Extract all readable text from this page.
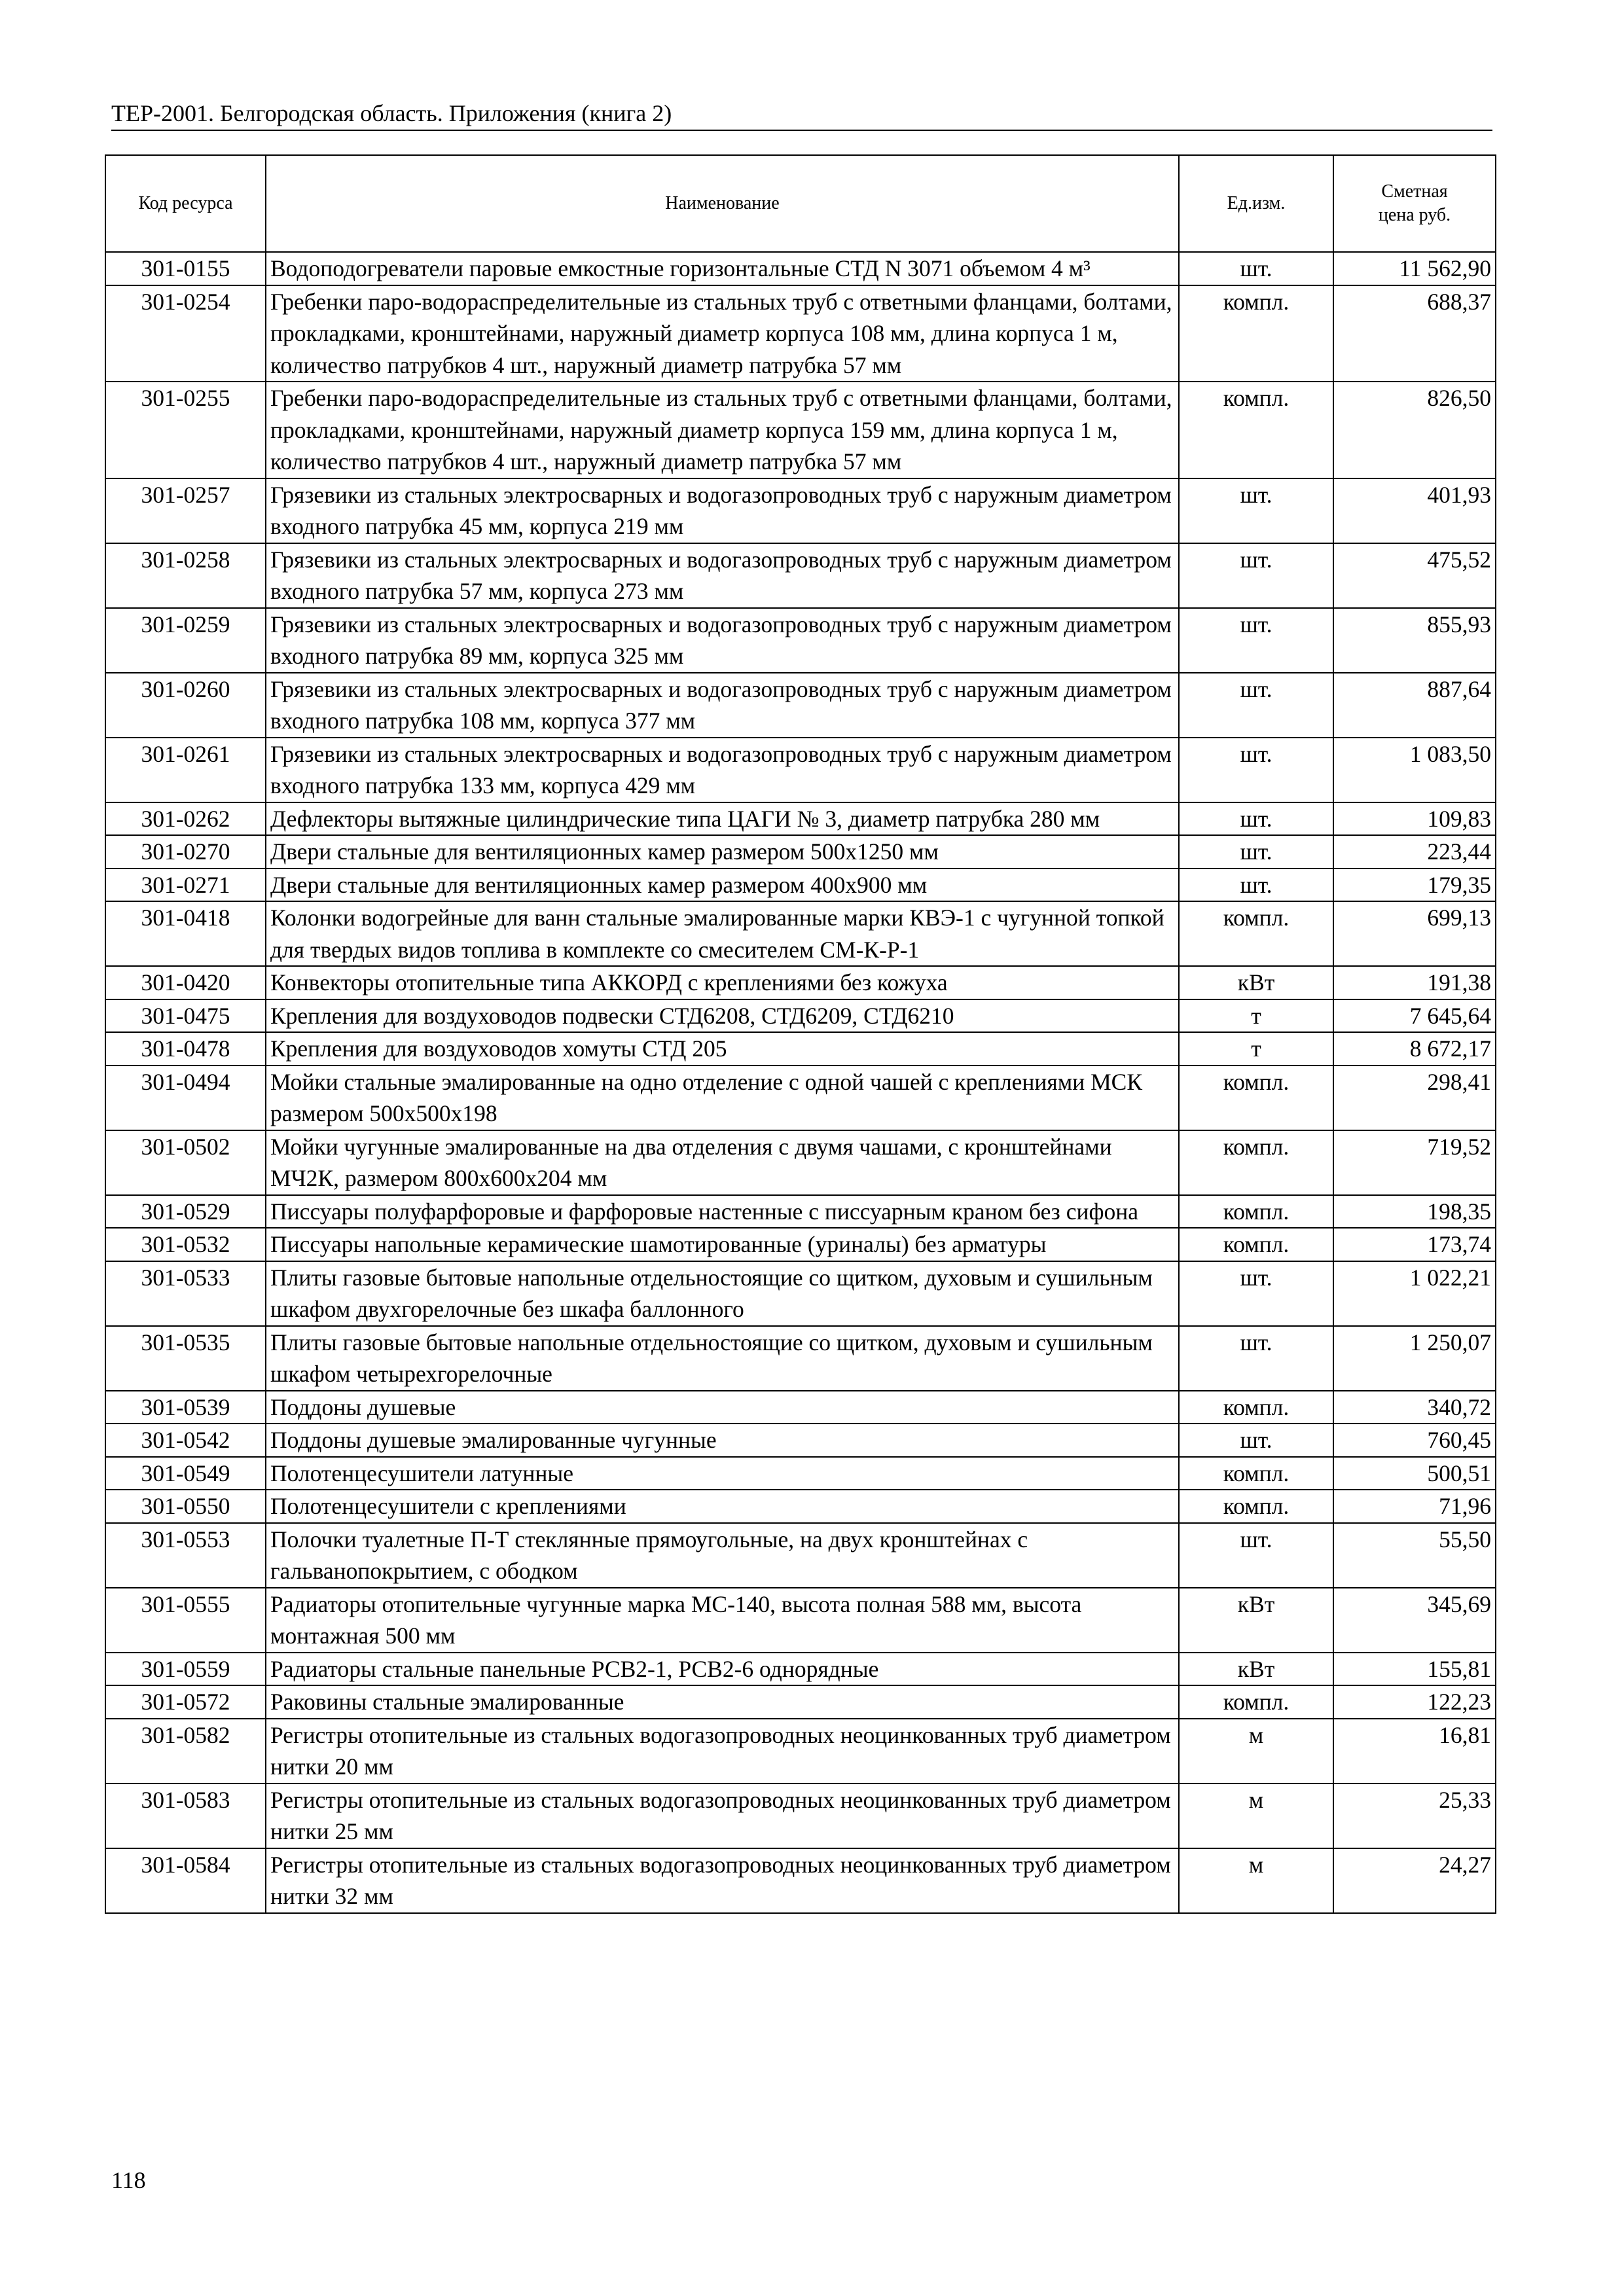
ТЕР-2001. Белгородская область. Приложения (книга 2)
Код ресурса	Наименование	Ед.изм.	Сметная цена руб.
301-0155	Водоподогреватели паровые емкостные горизонтальные СТД N 3071 объемом 4 м³	шт.	11 562,90
301-0254	Гребенки паро-водораспределительные из стальных труб с ответными фланцами, болтами, прокладками, кронштейнами, наружный диаметр корпуса 108 мм, длина корпуса 1 м, количество патрубков 4 шт., наружный диаметр патрубка 57 мм	компл.	688,37
301-0255	Гребенки паро-водораспределительные из стальных труб с ответными фланцами, болтами, прокладками, кронштейнами, наружный диаметр корпуса 159 мм, длина корпуса 1 м, количество патрубков 4 шт., наружный диаметр патрубка 57 мм	компл.	826,50
301-0257	Грязевики из стальных электросварных и водогазопроводных труб с наружным диаметром входного патрубка 45 мм, корпуса 219 мм	шт.	401,93
301-0258	Грязевики из стальных электросварных и водогазопроводных труб с наружным диаметром входного патрубка 57 мм, корпуса 273 мм	шт.	475,52
301-0259	Грязевики из стальных электросварных и водогазопроводных труб с наружным диаметром входного патрубка 89 мм, корпуса 325 мм	шт.	855,93
301-0260	Грязевики из стальных электросварных и водогазопроводных труб с наружным диаметром входного патрубка 108 мм, корпуса 377 мм	шт.	887,64
301-0261	Грязевики из стальных электросварных и водогазопроводных труб с наружным диаметром входного патрубка 133 мм, корпуса 429 мм	шт.	1 083,50
301-0262	Дефлекторы вытяжные цилиндрические типа ЦАГИ № 3, диаметр патрубка 280 мм	шт.	109,83
301-0270	Двери стальные для вентиляционных камер размером 500х1250 мм	шт.	223,44
301-0271	Двери стальные для вентиляционных камер размером 400х900 мм	шт.	179,35
301-0418	Колонки водогрейные для ванн стальные эмалированные марки КВЭ-1 с чугунной топкой для твердых видов топлива в комплекте со смесителем СМ-К-Р-1	компл.	699,13
301-0420	Конвекторы отопительные типа АККОРД с креплениями без кожуха	кВт	191,38
301-0475	Крепления для воздуховодов подвески СТД6208, СТД6209, СТД6210	т	7 645,64
301-0478	Крепления для воздуховодов хомуты СТД 205	т	8 672,17
301-0494	Мойки стальные эмалированные на одно отделение с одной чашей с креплениями МСК размером 500х500х198	компл.	298,41
301-0502	Мойки чугунные эмалированные на два отделения с двумя чашами, с кронштейнами МЧ2К, размером 800х600х204 мм	компл.	719,52
301-0529	Писсуары полуфарфоровые и фарфоровые настенные с писсуарным краном без сифона	компл.	198,35
301-0532	Писсуары напольные керамические шамотированные (уриналы) без арматуры	компл.	173,74
301-0533	Плиты газовые бытовые напольные отдельностоящие со щитком, духовым и сушильным шкафом двухгорелочные без шкафа баллонного	шт.	1 022,21
301-0535	Плиты газовые бытовые напольные отдельностоящие со щитком, духовым и сушильным шкафом четырехгорелочные	шт.	1 250,07
301-0539	Поддоны душевые	компл.	340,72
301-0542	Поддоны душевые эмалированные чугунные	шт.	760,45
301-0549	Полотенцесушители латунные	компл.	500,51
301-0550	Полотенцесушители с креплениями	компл.	71,96
301-0553	Полочки туалетные П-Т стеклянные прямоугольные, на двух кронштейнах с гальванопокрытием, с ободком	шт.	55,50
301-0555	Радиаторы отопительные чугунные марка МС-140, высота полная 588 мм, высота монтажная 500 мм	кВт	345,69
301-0559	Радиаторы стальные панельные РСВ2-1, РСВ2-6 однорядные	кВт	155,81
301-0572	Раковины стальные эмалированные	компл.	122,23
301-0582	Регистры отопительные из стальных водогазопроводных неоцинкованных труб диаметром нитки 20 мм	м	16,81
301-0583	Регистры отопительные из стальных водогазопроводных неоцинкованных труб диаметром нитки 25 мм	м	25,33
301-0584	Регистры отопительные из стальных водогазопроводных неоцинкованных труб диаметром нитки 32 мм	м	24,27
118
